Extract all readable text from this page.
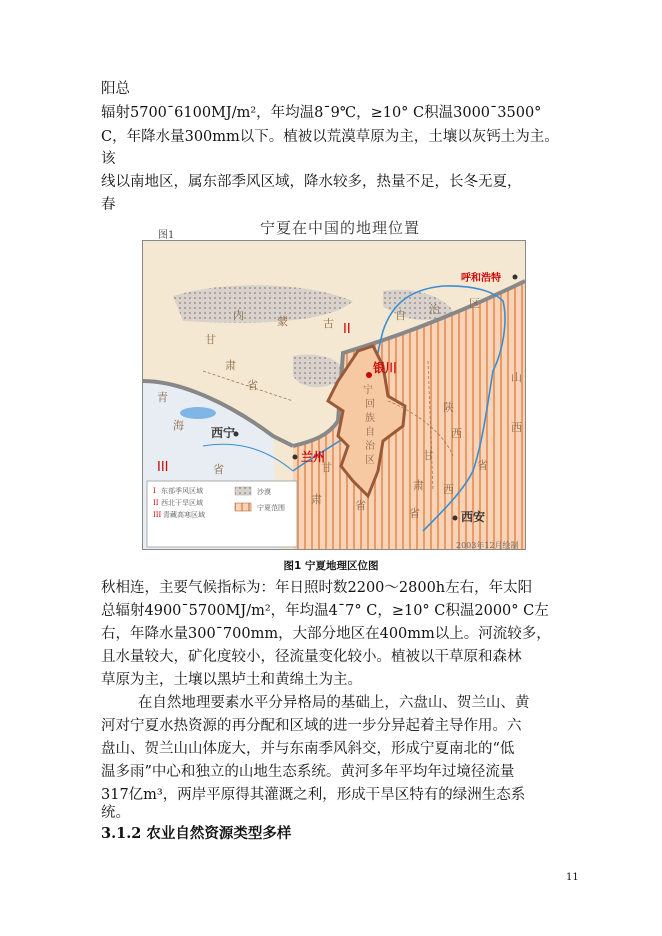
阳总
辐射5700¯6100MJ/m²，年均温8¯9℃，≥10° C积温3000¯3500°
C，年降水量300mm以下。植被以荒漠草原为主，土壤以灰钙土为主。
该
线以南地区，属东部季风区域，降水较多，热量不足，长冬无夏，
春
图1	宁夏在中国的地理位置
内	蒙	古
自 治	区
甘
肃
省
青
海
省
宁
回
族
自
治
区
甘
肃	省
陕
西
省
山
西
甘
肃
省
西
II
III
银川
呼和浩特
西宁
兰州
西安
I 东部季风区域
II 西北干旱区域
III 青藏高寒区域
沙漠
宁夏范围
2003年12月绘制
图1 宁夏地理区位图
秋相连，主要气候指标为：年日照时数2200～2800h左右，年太阳
总辐射4900¯5700MJ/m²，年均温4¯7° C，≥10° C积温2000° C左
右，年降水量300¯700mm，大部分地区在400mm以上。河流较多，
且水量较大，矿化度较小，径流量变化较小。植被以干草原和森林
草原为主，土壤以黑垆土和黄绵土为主。
在自然地理要素水平分异格局的基础上，六盘山、贺兰山、黄
河对宁夏水热资源的再分配和区域的进一步分异起着主导作用。六
盘山、贺兰山山体庞大，并与东南季风斜交，形成宁夏南北的“低
温多雨”中心和独立的山地生态系统。黄河多年平均年过境径流量
317亿m³，两岸平原得其灌溉之利，形成干旱区特有的绿洲生态系
统。
3.1.2 农业自然资源类型多样
11
